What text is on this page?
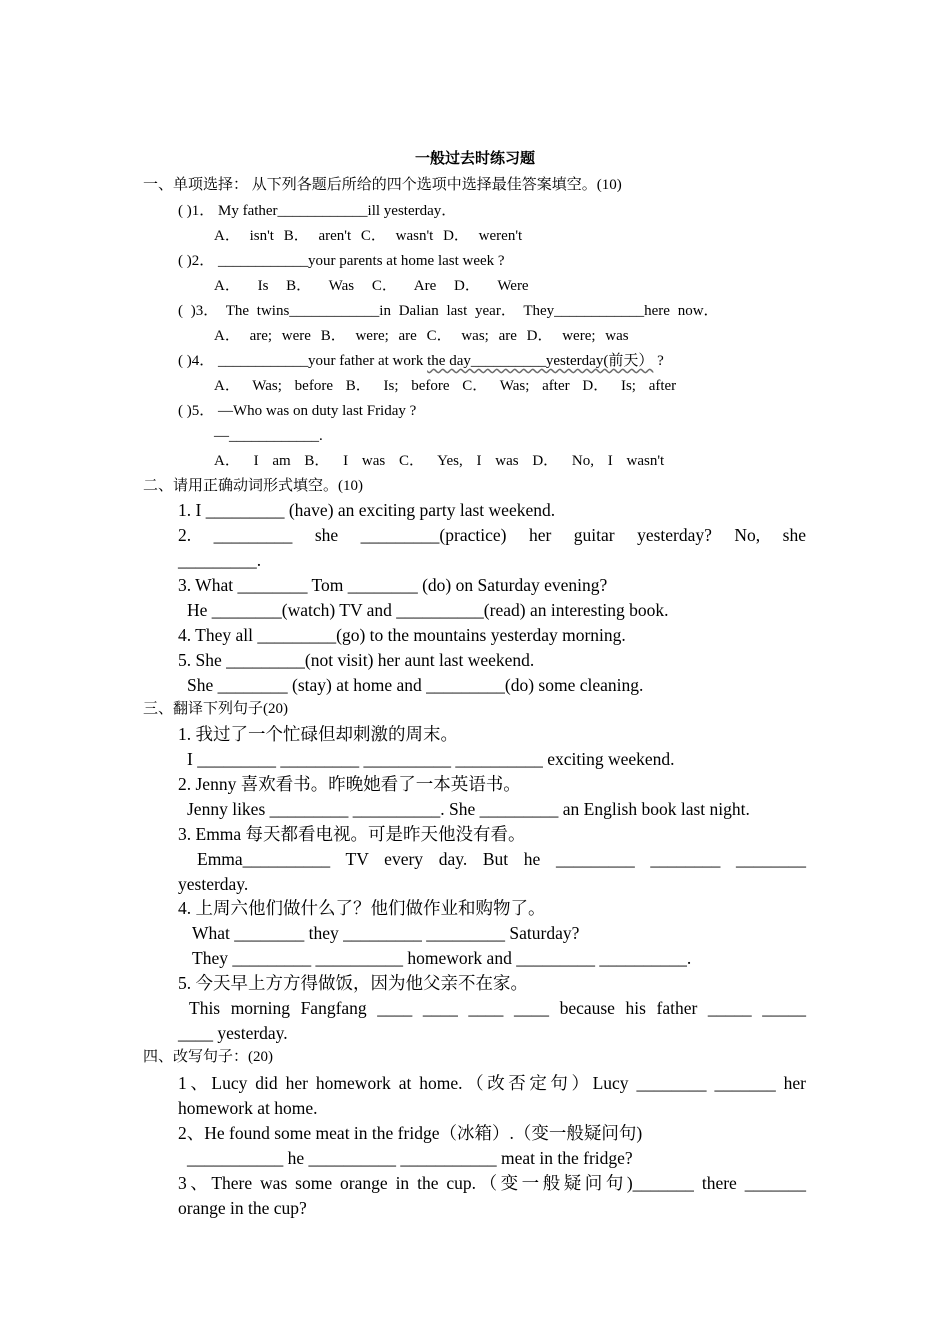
一般过去时练习题
一、单项选择： 从下列各题后所给的四个选项中选择最佳答案填空。(10)
( )1． My father____________ill yesterday．
A． isn't B． aren't C． wasn't D． weren't
( )2． ____________your parents at home last week ?
A． Is B． Was C． Are D． Were
( )3． The twins____________in Dalian last year． They____________here now．
A． are; were B． were; are C． was; are D． were; was
( )4． ____________your father at work the day__________yesterday(前天） ?
A． Was; before B． Is; before C． Was; after D． Is; after
( )5． —Who was on duty last Friday ?
—____________.
A． I am B． I was C． Yes, I was D． No, I wasn't
二、请用正确动词形式填空。(10)
1. I _________ (have) an exciting party last weekend.
2. _________ she _________(practice) her guitar yesterday? No, she
_________.
3. What ________ Tom ________ (do) on Saturday evening?
He ________(watch) TV and __________(read) an interesting book.
4. They all _________(go) to the mountains yesterday morning.
5. She _________(not visit) her aunt last weekend.
She ________ (stay) at home and _________(do) some cleaning.
三、翻译下列句子(20)
1. 我过了一个忙碌但却刺激的周末。
I _________ _________ __________ __________ exciting weekend.
2. Jenny 喜欢看书。昨晚她看了一本英语书。
Jenny likes _________ __________. She _________ an English book last night.
3. Emma 每天都看电视。可是昨天他没有看。
Emma__________ TV every day. But he _________ ________ ________
yesterday.
4. 上周六他们做什么了？他们做作业和购物了。
What ________ they _________ _________ Saturday?
They _________ __________ homework and _________ __________.
5. 今天早上方方得做饭，因为他父亲不在家。
This morning Fangfang ____ ____ ____ ____ because his father _____ _____
____ yesterday.
四、改写句子：(20)
1、Lucy did her homework at home.（改否定句）Lucy ________ _______ her
homework at home.
2、He found some meat in the fridge（冰箱）.（变一般疑问句)
___________ he __________ ___________ meat in the fridge?
3、There was some orange in the cup.（变一般疑问句)_______ there _______
orange in the cup?
